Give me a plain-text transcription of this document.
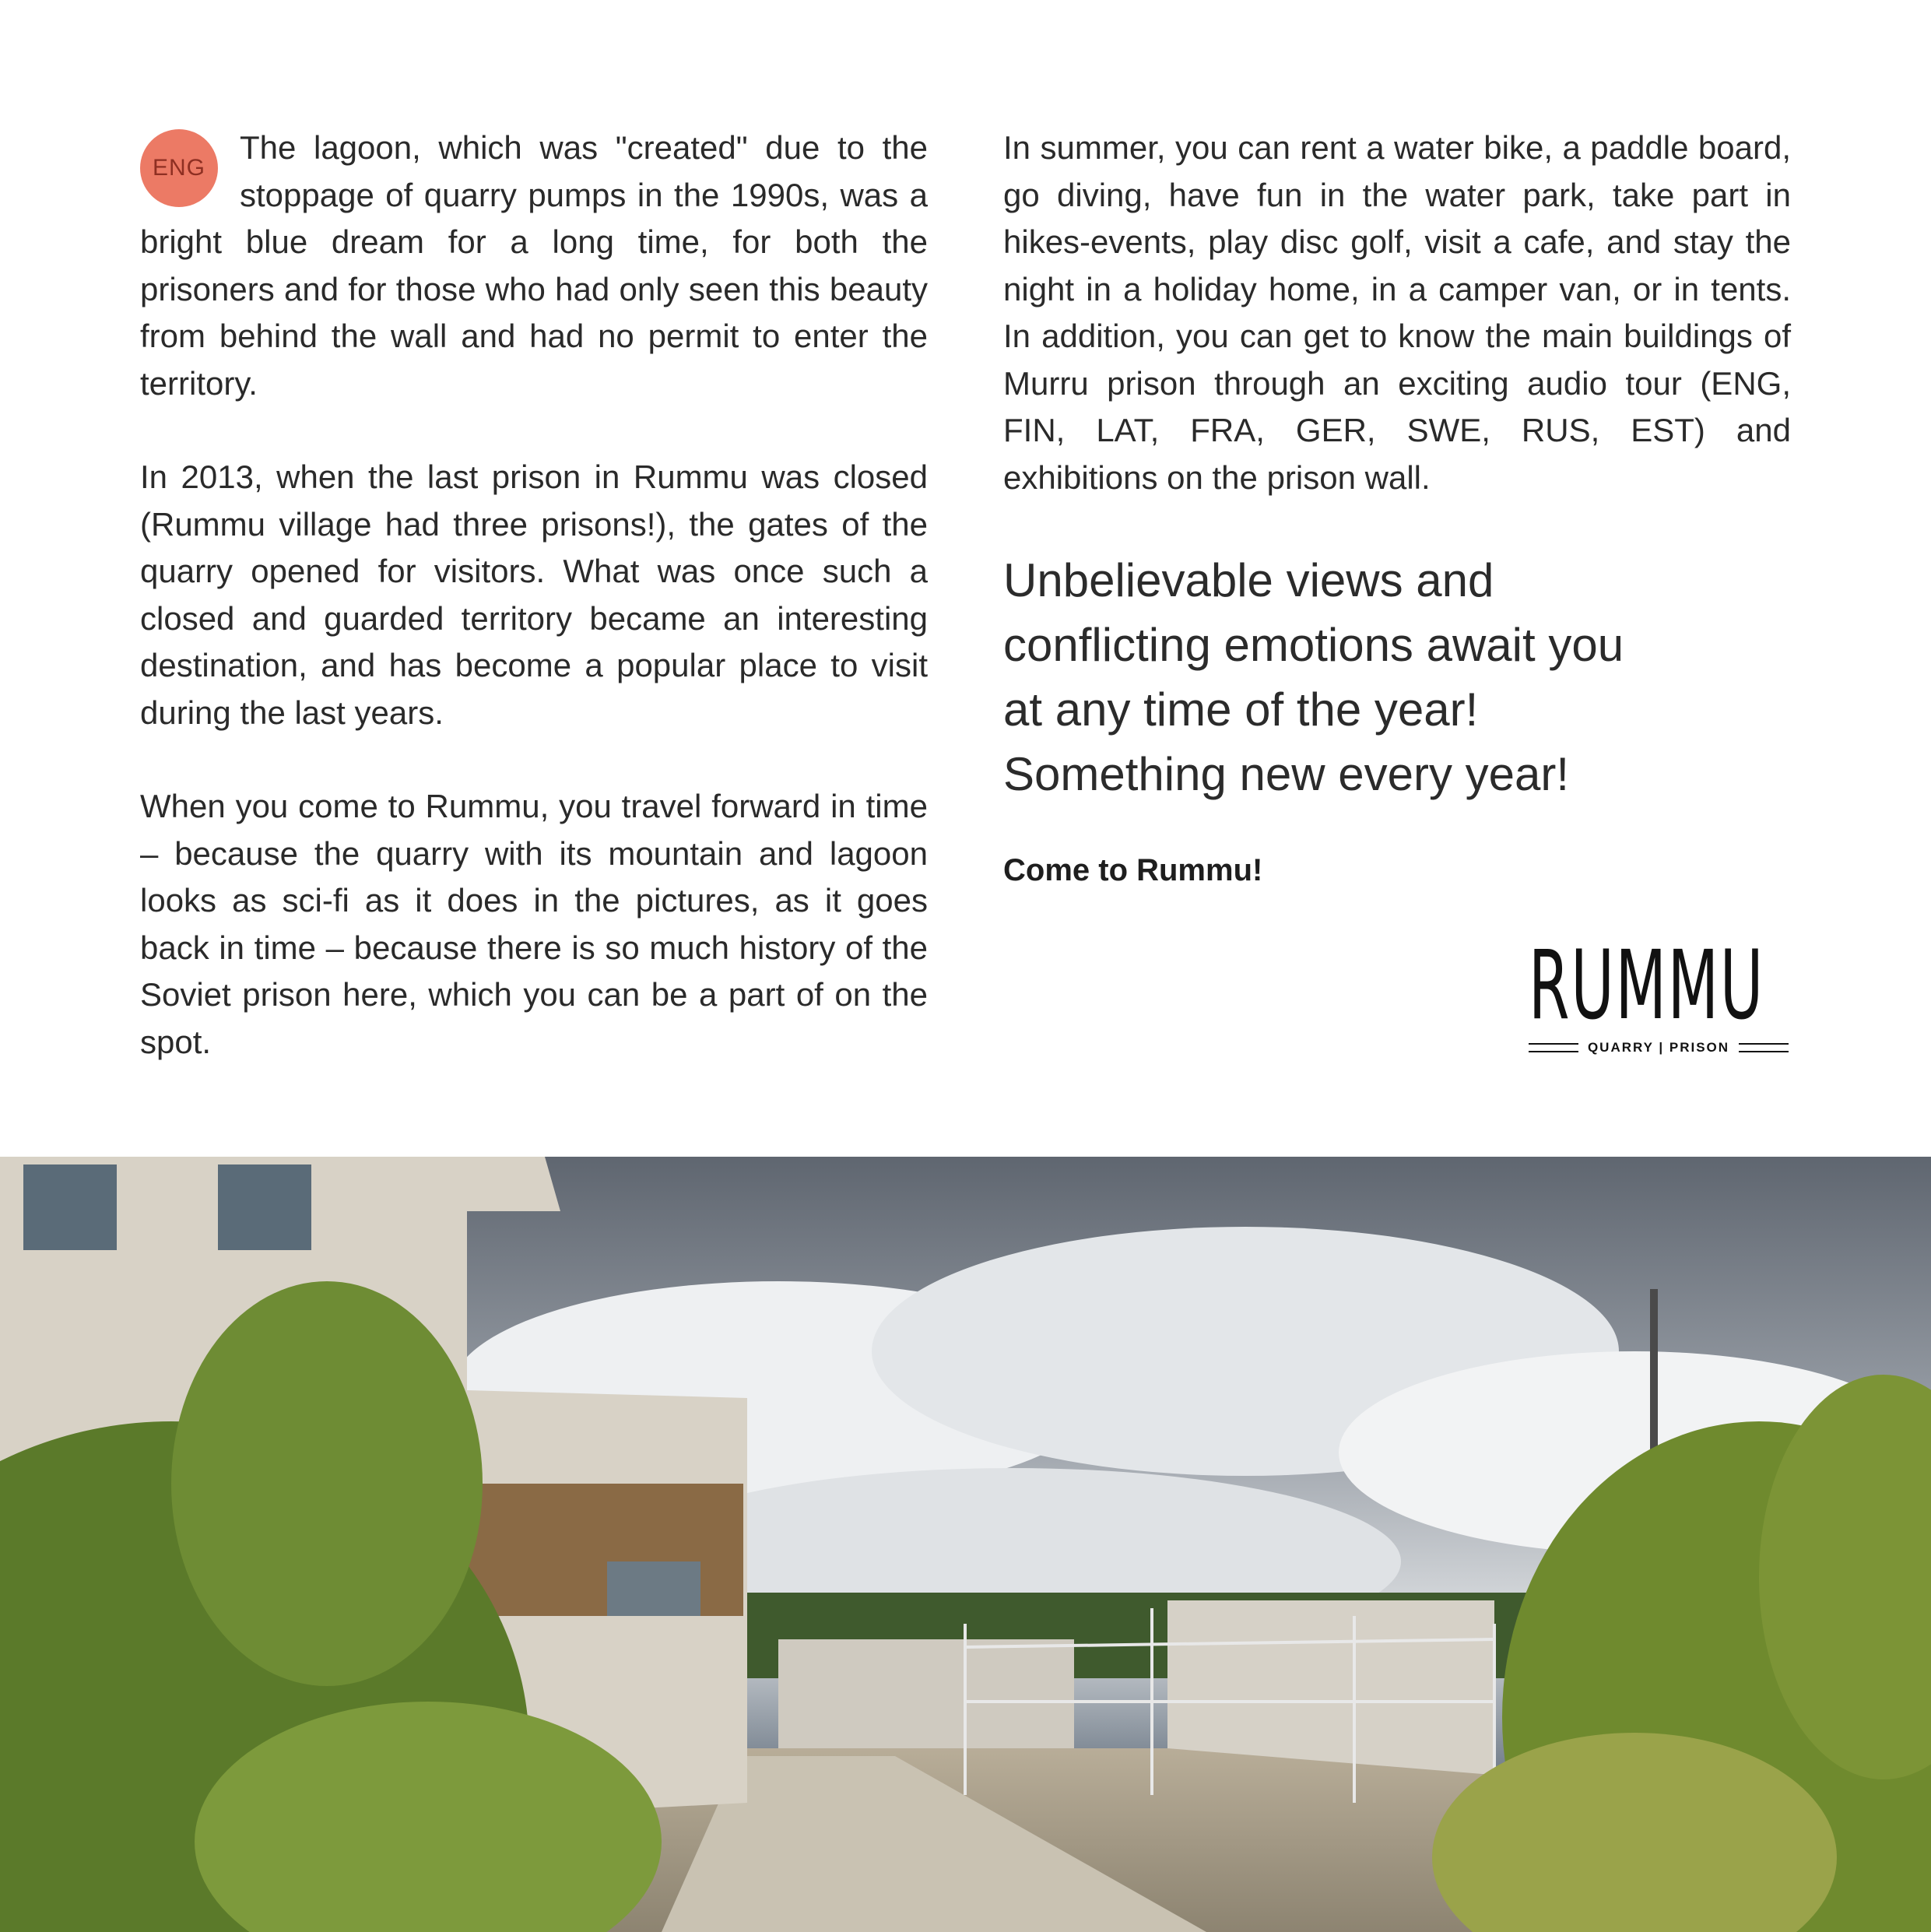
ENG
The lagoon, which was "created" due to the stoppage of quarry pumps in the 1990s, was a bright blue dream for a long time, for both the prisoners and for those who had only seen this beauty from behind the wall and had no permit to enter the territory.

In 2013, when the last prison in Rummu was closed (Rummu village had three prisons!), the gates of the quarry opened for visitors. What was once such a closed and guarded territory became an interesting destination, and has become a popular place to visit during the last years.

When you come to Rummu, you travel forward in time – because the quarry with its mountain and lagoon looks as sci-fi as it does in the pictures, as it goes back in time – because there is so much history of the Soviet prison here, which you can be a part of on the spot.

In summer, you can rent a water bike, a paddle board, go diving, have fun in the water park, take part in hikes-events, play disc golf, visit a cafe, and stay the night in a holiday home, in a camper van, or in tents. In addition, you can get to know the main buildings of Murru prison through an exciting audio tour (ENG, FIN, LAT, FRA, GER, SWE, RUS, EST) and exhibitions on the prison wall.

Unbelievable views and

conflicting emotions await you

at any time of the year!

Something new every year!

Come to Rummu!
RUMMU
QUARRY | PRISON
